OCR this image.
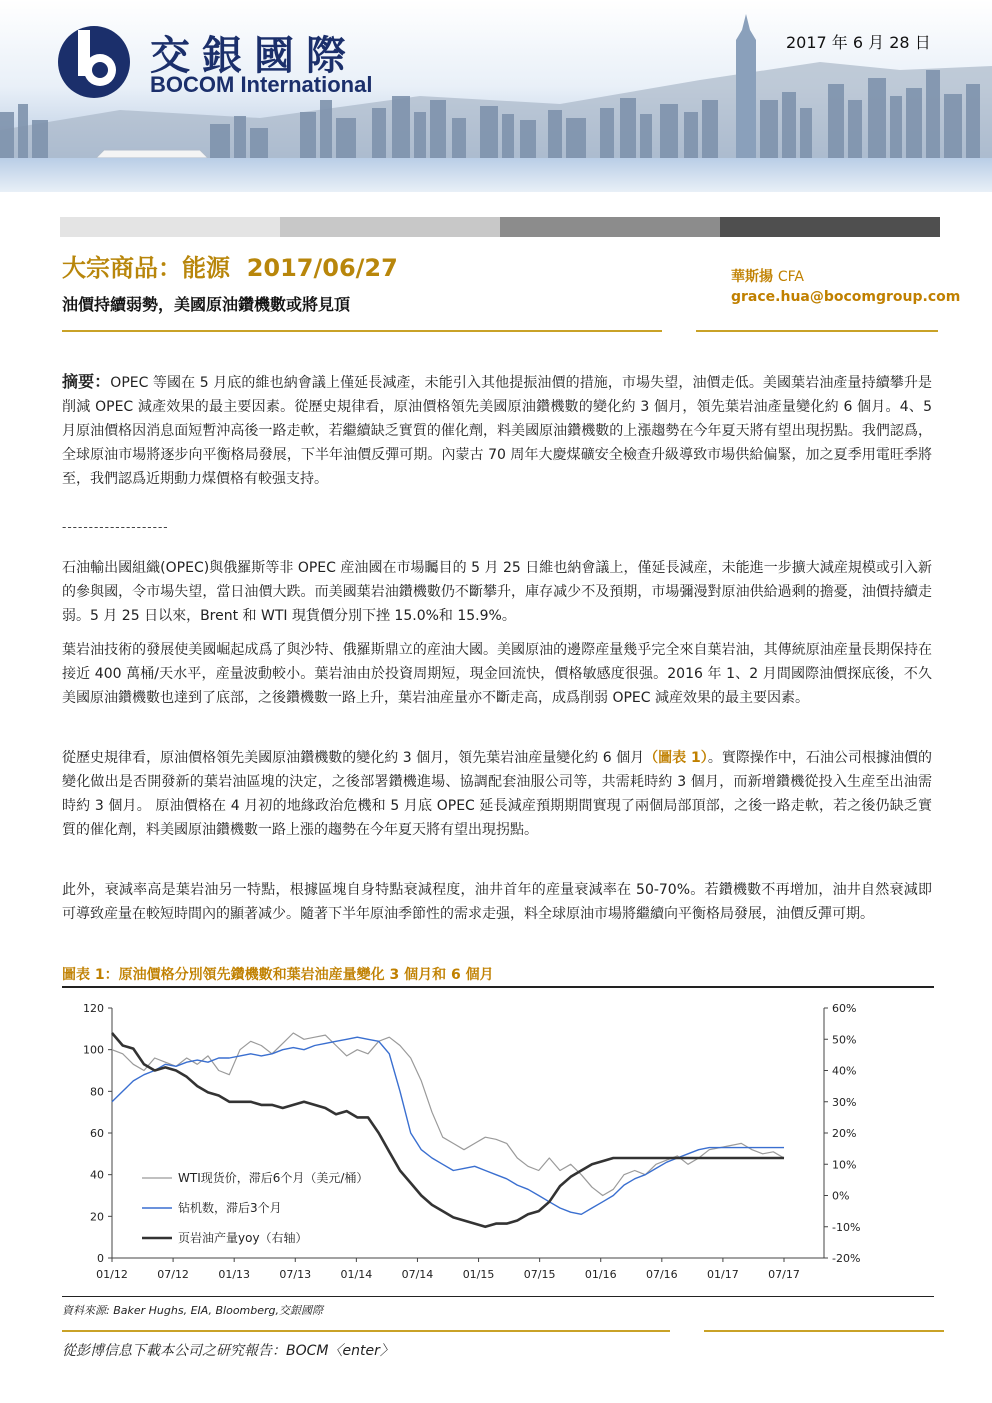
交銀國際
BOCOM International
2017 年 6 月 28 日
大宗商品：能源  2017/06/27
油價持續弱勢，美國原油鑽機數或將見頂
華斯揚 CFA
grace.hua@bocomgroup.com
摘要：OPEC 等國在 5 月底的維也納會議上僅延長減產，未能引入其他提振油價的措施，市場失望，油價走低。美國葉岩油產量持續攀升是削減 OPEC 減產效果的最主要因素。從歷史規律看，原油價格領先美國原油鑽機數的變化約 3 個月，領先葉岩油產量變化約 6 個月。4、5 月原油價格因消息面短暫沖高後一路走軟，若繼續缺乏實質的催化劑，料美國原油鑽機數的上漲趨勢在今年夏天將有望出現拐點。我們認爲，全球原油市場將逐步向平衡格局發展，下半年油價反彈可期。內蒙古 70 周年大慶煤礦安全檢查升級導致市場供給偏緊，加之夏季用電旺季將至，我們認爲近期動力煤價格有較强支持。
--------------------
石油輸出國組織(OPEC)與俄羅斯等非 OPEC 産油國在市場矚目的 5 月 25 日維也納會議上，僅延長減産，未能進一步擴大減産規模或引入新的參與國，令市場失望，當日油價大跌。而美國葉岩油鑽機數仍不斷攀升，庫存减少不及預期，市場彌漫對原油供給過剩的擔憂，油價持續走弱。5 月 25 日以來，Brent 和 WTI 現貨價分別下挫 15.0%和 15.9%。
葉岩油技術的發展使美國崛起成爲了與沙特、俄羅斯鼎立的産油大國。美國原油的邊際産量幾乎完全來自葉岩油，其傳統原油産量長期保持在接近 400 萬桶/天水平，産量波動較小。葉岩油由於投資周期短，現金回流快，價格敏感度很强。2016 年 1、2 月間國際油價探底後，不久美國原油鑽機數也達到了底部，之後鑽機數一路上升，葉岩油産量亦不斷走高，成爲削弱 OPEC 減産效果的最主要因素。
從歷史規律看，原油價格領先美國原油鑽機數的變化約 3 個月，領先葉岩油産量變化約 6 個月（圖表 1）。實際操作中，石油公司根據油價的變化做出是否開發新的葉岩油區塊的決定，之後部署鑽機進場、協調配套油服公司等，共需耗時約 3 個月，而新增鑽機從投入生産至出油需時約 3 個月。 原油價格在 4 月初的地緣政治危機和 5 月底 OPEC 延長減産預期期間實現了兩個局部頂部，之後一路走軟，若之後仍缺乏實質的催化劑，料美國原油鑽機數一路上漲的趨勢在今年夏天將有望出現拐點。
此外，衰減率高是葉岩油另一特點，根據區塊自身特點衰減程度，油井首年的産量衰減率在 50-70%。若鑽機數不再增加，油井自然衰減即可導致産量在較短時間內的顯著减少。隨著下半年原油季節性的需求走强，料全球原油市場將繼續向平衡格局發展，油價反彈可期。
圖表 1：原油價格分別領先鑽機數和葉岩油産量變化 3 個月和 6 個月
0
20
40
60
80
100
120
-20%
-10%
0%
10%
20%
30%
40%
50%
60%
01/12	07/12	01/13	07/13	01/14	07/14	01/15	07/15	01/16	07/16	01/17	07/17
WTI现货价，滞后6个月（美元/桶）
钻机数，滞后3个月
页岩油产量yoy（右轴）
資料來源: Baker Hughs, EIA, Bloomberg,交銀國際
從彭博信息下載本公司之研究報告：BOCM〈enter〉
